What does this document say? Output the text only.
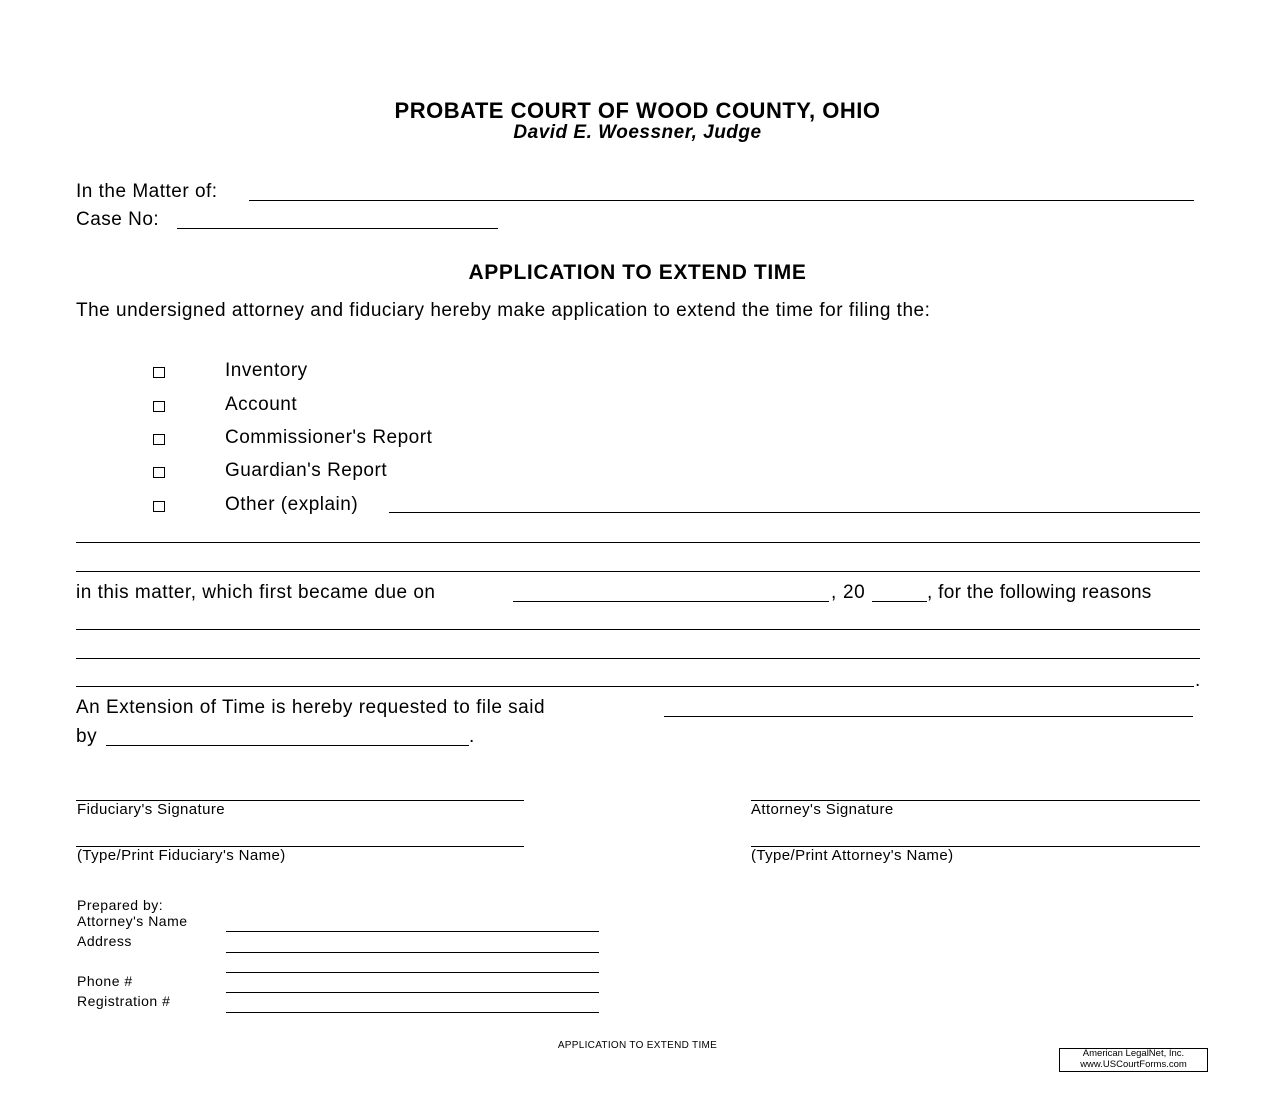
PROBATE COURT OF WOOD COUNTY, OHIO
David E. Woessner, Judge
In the Matter of:
Case No:
APPLICATION TO EXTEND TIME
The undersigned attorney and fiduciary hereby make application to extend the time for filing the:
Inventory
Account
Commissioner's Report
Guardian's Report
Other (explain)
in this matter, which first became due on	, 20	, for the following reasons
.
An Extension of Time is hereby requested to file said
by	.
Fiduciary's Signature	Attorney's Signature
(Type/Print Fiduciary's Name)	(Type/Print Attorney's Name)
Prepared by:
Attorney's Name
Address
Phone #
Registration #
APPLICATION TO EXTEND TIME
American LegalNet, Inc.
www.USCourtForms.com
